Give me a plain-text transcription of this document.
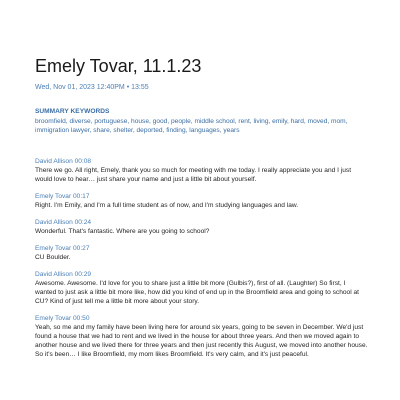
Emely Tovar, 11.1.23
Wed, Nov 01, 2023 12:40PM • 13:55
SUMMARY KEYWORDS
broomfield, diverse, portuguese, house, good, people, middle school, rent, living, emily, hard, moved, mom, immigration lawyer, share, shelter, deported, finding, languages, years
David Allison 00:08
There we go. All right, Emely, thank you so much for meeting with me today. I really appreciate you and I just would love to hear… just share your name and just a little bit about yourself.
Emely Tovar 00:17
Right. I'm Emily, and I'm a full time student as of now, and I'm studying languages and law.
David Allison 00:24
Wonderful. That's fantastic. Where are you going to school?
Emely Tovar 00:27
CU Boulder.
David Allison 00:29
Awesome. Awesome. I'd love for you to share just a little bit more (Gulbis?), first of all. (Laughter) So first, I wanted to just ask a little bit more like, how did you kind of end up in the Broomfield area and going to school at CU? Kind of just tell me a little bit more about your story.
Emely Tovar 00:50
Yeah, so me and my family have been living here for around six years, going to be seven in December. We'd just found a house that we had to rent and we lived in the house for about three years. And then we moved again to another house and we lived there for three years and then just recently this August, we moved into another house. So it's been… I like Broomfield, my mom likes Broomfield. It's very calm, and it's just peaceful.
